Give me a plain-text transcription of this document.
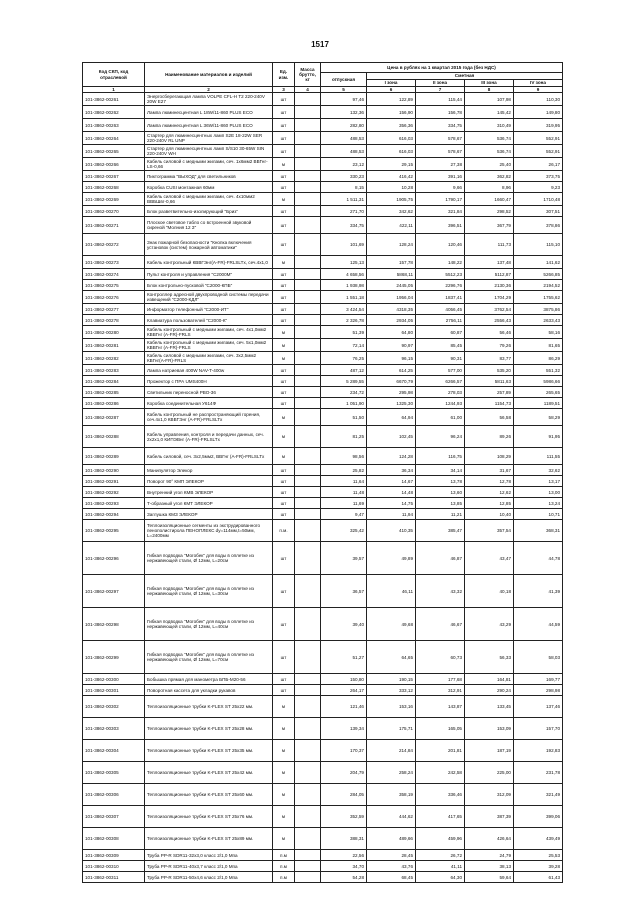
1517
Код СКП, код отраслевой	Наименование материалов и изделий	Ед. изм.	Масса брутто, кг	Цена в рублях на 1 квартал 2015 года (без НДС)				
				отпускная	Сметная			
					I зона	II зона	III зона	IV зона
1	2	3	4	5	6	7	8	9
101-3862-00261	Энергосберегающая лампа VOLPE CFL-H T2 220-240V 20W E27	шт		97,46	122,89	115,44	107,98	110,30
101-3862-00262	Лампа люминесцентная L 18W/11-860 PLUS ECO	шт		132,36	156,90	156,78	145,42	149,80
101-3862-00263	Лампа люминесцентная L 36W/11-860 PLUS ECO	шт		282,80	356,36	334,75	310,49	319,95
101-3862-00264	Стартер для люминесцентных ламп S2E 18-22W SER 220-240V RL UNP	шт		488,53	616,03	578,67	536,74	552,91
101-3862-00265	Стартер для люминесцентных ламп S/S10 30-65W SIN 220-240V WH	шт		488,53	616,03	578,67	536,74	552,91
101-3862-00266	Кабель силовой с медными жилами, сеч. 1х6мм2 ВВГнг-LS-0,66	м		23,12	29,15	27,38	25,40	26,17
101-3862-00267	Пиктограмма "ВЫХОД" для светильников	шт		330,23	416,42	391,16	362,82	373,75
101-3862-00268	Коробка CUSI монтажная 60мм	шт		8,15	10,28	9,66	8,96	9,23
101-3862-00269	Кабель силовой с медными жилами, сеч. 4х10мм2 ВВБШвг-0,66	м		1 511,31	1905,75	1790,17	1660,47	1710,48
101-3862-00270	Блок разветвительно-изолирующий "Бриз"	шт		271,70	342,62	321,84	298,52	307,51
101-3862-00271	Плоское световое табло со встроенной звуковой сиреной "Молния 12 З"	шт		334,75	422,11	396,51	367,79	378,86
101-3862-00272	Знак пожарной безопасности "Кнопка включения установок (систем) пожарной автоматики"	шт		101,69	128,24	120,46	111,73	115,10
101-3862-00273	Кабель контрольный КВВГЭнг(А-FR)-FRLSLTx, сеч.4х1,0	м		125,13	157,78	148,22	137,48	141,62
101-3862-00274	Пульт контроля и управления "С2000М"	шт		4 658,56	5868,11	5512,23	5112,87	5266,85
101-3862-00275	Блок контрольно-пусковой "С2000-КПБ"	шт		1 938,98	2445,05	2296,76	2130,36	2194,52
101-3862-00276	Контроллер адресной двухпроводной системы передачи извещений "С2000-КДЛ"	шт		1 551,18	1956,04	1837,41	1704,29	1755,62
101-3862-00277	Информатор телефонный "С2000-ИТ"	шт		3 424,54	4318,35	4056,45	3762,54	3875,86
101-3862-00278	Клавиатура пользователей "С2000-К"	шт		2 326,78	2934,05	2756,11	2556,43	2633,43
101-3862-00280	Кабель контрольный с медными жилами, сеч. 4х1,0мм2 КВВГнг (А-FR)-FRLS	м		51,39	64,80	60,87	56,46	58,16
101-3862-00281	Кабель контрольный с медными жилами, сеч. 5х1,0мм2 КВВГнг (А-FR)-FRLS	м		72,14	90,97	85,45	79,26	81,65
101-3862-00282	Кабель силовой с медными жилами, сеч. 3х2,5мм2 КВГнг(А-FR)-FRLS	м		76,25	96,15	90,31	83,77	86,29
101-3862-00283	Лампа натриевая 400W NAV-T-400w	шт		487,12	614,25	577,00	535,20	551,32
101-3862-00284	Прожектор с ПРА UMS400H	шт		5 289,55	6670,79	6266,57	5811,63	5986,66
101-3862-00285	Светильник переносной РВО-36	шт		234,72	295,98	278,03	257,89	265,65
101-3862-00286	Коробка соединительная У614Ф	шт		1 051,90	1325,30	1244,93	1154,73	1189,51
101-3862-00287	Кабель контрольный не распространяющий горения, сеч.4х1,0 КВВГЭнг (А-FR)-FRLSLTx	м		51,50	64,94	61,00	56,58	58,29
101-3862-00288	Кабель управления, контроля и передачи данных, сеч. 2х2х1,0 КИПЭВнг (А-FR)-FRLSLTx	м		81,25	102,45	96,24	89,26	91,95
101-3862-00289	Кабель силовой, сеч. 3х2,5мм2, ВВГнг (А-FR)-FRLSLTx	м		98,56	124,28	116,75	108,29	111,55
101-3862-00290	Манипулятор Элекор	шт		25,82	36,34	34,14	31,67	32,62
101-3862-00291	Поворот 90° КМП ЭЛЕКОР	шт		11,64	14,67	13,78	12,78	13,17
101-3862-00292	Внутренний угол КМВ ЭЛЕКОР	шт		11,48	14,48	13,60	12,62	13,00
101-3862-00293	Т-образный угол КМТ ЭЛЕКОР	шт		11,69	14,75	13,85	12,85	13,24
101-3862-00294	Заглушка КМЗ ЭЛЕКОР	шт		9,47	11,94	11,21	10,40	10,71
101-3862-00295	Теплоизоляционные сегменты из экструдированного пенополистирола ПЕНОПЛЕКС dy=114мм,t=50мм, L=2400мм	п.м.		325,42	410,35	385,47	357,54	368,31
101-3862-00296	Гибкая подводка "Могобек" для воды в оплетке из нержавеющей стали, Ø 12мм, L=20см	шт		39,57	49,89	46,87	43,47	44,78
101-3862-00297	Гибкая подводка "Могобек" для воды в оплетке из нержавеющей стали, Ø 12мм, L=30см	шт		36,57	46,11	43,32	40,18	41,39
101-3862-00298	Гибкая подводка "Могобек" для воды в оплетке из нержавеющей стали, Ø 12мм, L=40см	шт		39,40	49,68	46,67	43,29	44,59
101-3862-00299	Гибкая подводка "Могобек" для воды в оплетке из нержавеющей стали, Ø 12мм, L=70см	шт		51,27	64,65	60,73	56,33	58,03
101-3862-00300	Бобышка прямая для манометра БПБ-М20-56	шт		150,80	190,15	177,68	164,81	169,77
101-3862-00301	Поворотная кассета для укладки рукавов	шт		264,17	333,12	312,91	290,24	298,98
101-3862-00302	Теплоизоляционные трубки K-FLEX ST 25х22 мм.	м		121,46	153,16	143,87	133,45	137,46
101-3862-00303	Теплоизоляционные трубки K-FLEX ST 25х28 мм.	м		139,34	175,71	165,05	153,09	157,70
101-3862-00304	Теплоизоляционные трубки K-FLEX ST 25х35 мм.	м		170,37	214,84	201,81	187,19	192,83
101-3862-00305	Теплоизоляционные трубки K-FLEX ST 25х42 мм.	м		204,79	258,24	242,58	225,00	231,78
101-3862-00306	Теплоизоляционные трубки K-FLEX ST 25х60 мм.	м		284,05	358,19	336,46	312,09	321,49
101-3862-00307	Теплоизоляционные трубки K-FLEX ST 25х76 мм.	м		352,59	444,62	417,65	387,39	399,06
101-3862-00308	Теплоизоляционные трубки K-FLEX ST 25х89 мм.	м		388,31	489,66	459,96	426,64	439,49
101-3862-00309	Труба PP-R SDR11-32х3,0 класс 2/1,0 Мпа	п.м		22,56	28,45	26,72	24,79	25,53
101-3862-00310	Труба PP-R SDR11-40х3,7 класс 2/1,0 Мпа	п.м		34,70	43,76	41,11	38,13	39,28
101-3862-00311	Труба PP-R SDR11-50х4,6 класс 2/1,0 Мпа	п.м		54,28	68,45	64,30	59,64	61,43
